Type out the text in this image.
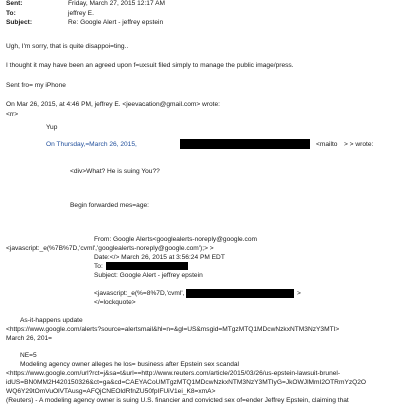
Sent:	Friday, March 27, 2015 12:17 AM
To:	jeffrey E.
Subject:	Re: Google Alert - jeffrey epstein
Ugh, I'm sorry, that is quite disappoi=ting..
I thought it may have been an agreed upon f=uxsuit filed simply to manage the public image/press.
Sent fro= my iPhone
On Mar 26, 2015, at 4:46 PM, jeffrey E. <jeevacation@gmail.com> wrote:
<rr>
Yup
On Thursday,=March 26, 2015,	<mailto > > wrote:
<div>What? He is suing You??
Begin forwarded mes=age:
From: Google Alerts<googlealerts-noreply@google.com
<javascript:_e(%7B%7D,'cvml','googlealerts-noreply@google.com');> >
Date:</> March 26, 2015 at 3:56:24 PM EDT
To:
Subject: Google Alert - jeffrey epstein
<javascript:_e(%=8%7D,'cvml',	>
</=lockquote>
As-it-happens update
<https://www.google.com/alerts?source=alertsmail&hl=n=&gl=US&msgid=MTgzMTQ1MDcwNzkxNTM3NzY3MTI>
March 26, 201=
NE=5
Modeling agency owner alleges he los= business after Epstein sex scandal
<https://www.google.com/url?rct=j&sa=t&url==http://www.reuters.com/article/2015/03/26/us-epstein-lawsuit-brunel-
idUS=BN0MM2H420150326&ct=ga&cd=CAEYACoUMTgzMTQ1MDcwNzkxNTM3NzY3MTIyG=JkOWJlMmI2OTRmYzQ2O
WQ6Y29tOmVuOlVTAusg=AFQjCNEOldRfnZU50fpIFUiV1ei_K8=xmA>
(Reuters) - A modeling agency owner is suing U.S. financier and convicted sex of=ender Jeffrey Epstein, claiming that
